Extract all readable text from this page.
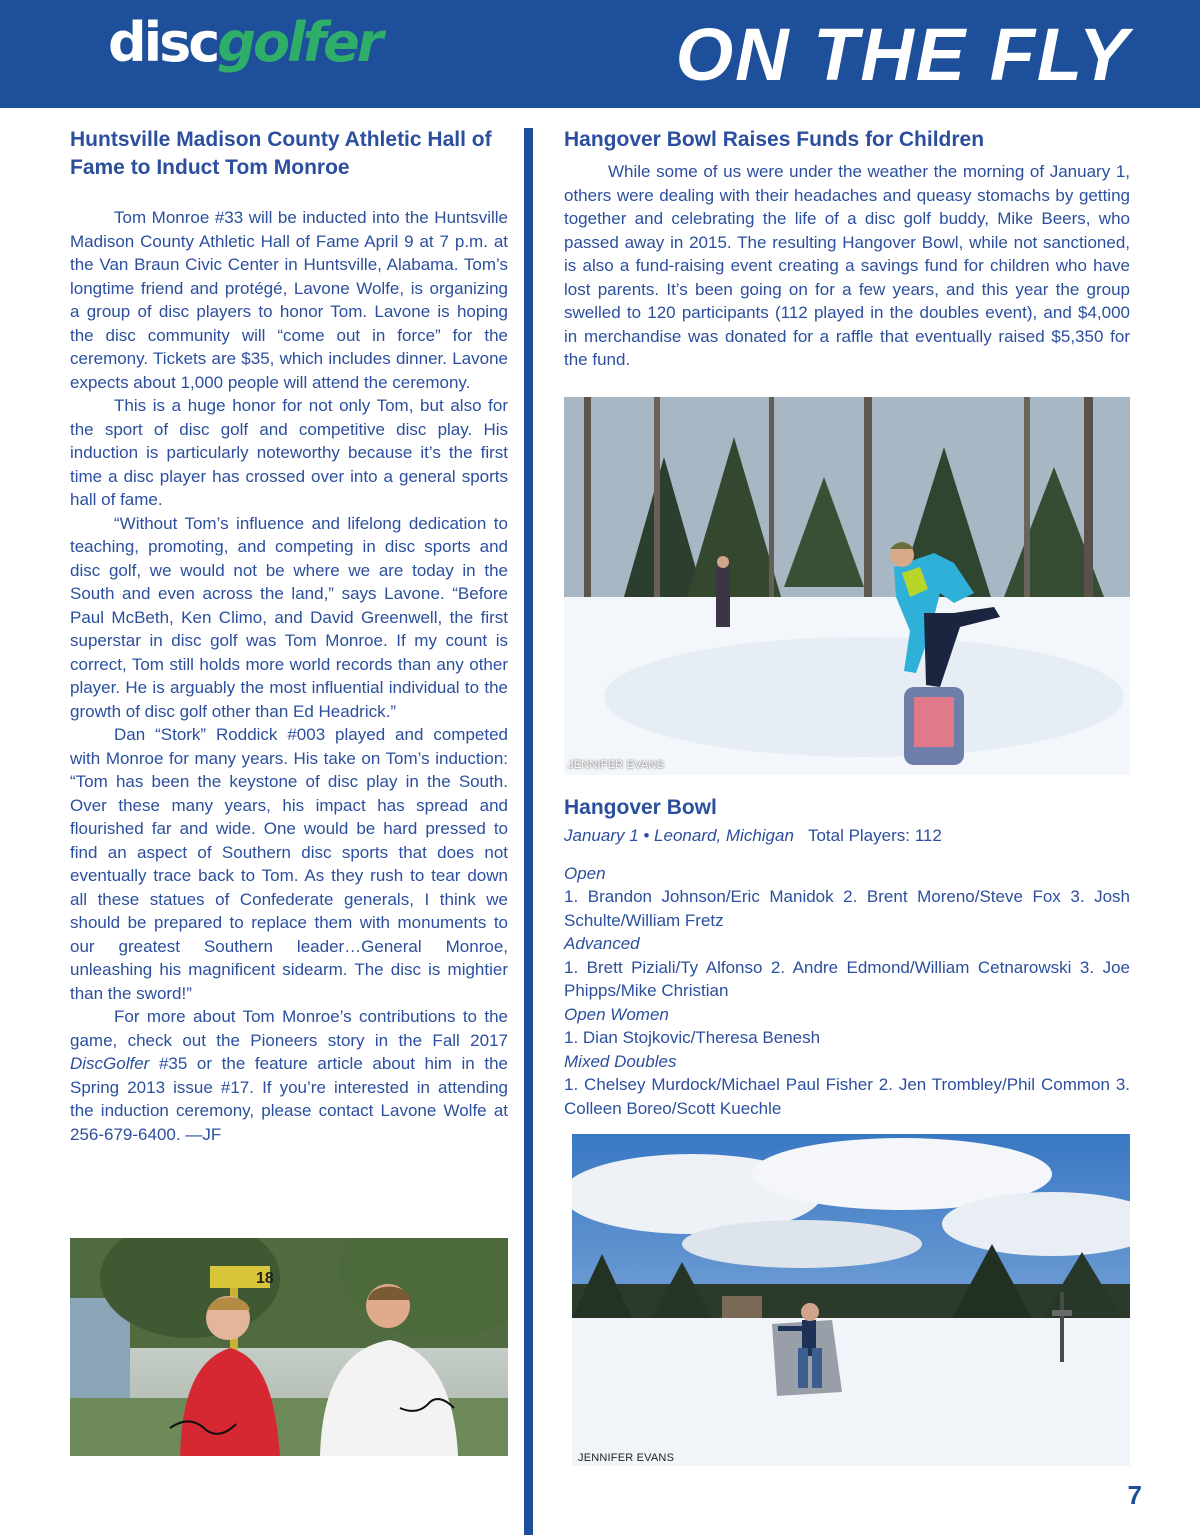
discgolfer	ON THE FLY
Huntsville Madison County Athletic Hall of Fame to Induct Tom Monroe

Tom Monroe #33 will be inducted into the Huntsville Madison County Athletic Hall of Fame April 9 at 7 p.m. at the Van Braun Civic Center in Huntsville, Alabama. Tom’s longtime friend and protégé, Lavone Wolfe, is organizing a group of disc players to honor Tom. Lavone is hoping the disc community will “come out in force” for the ceremony. Tickets are $35, which includes dinner. Lavone expects about 1,000 people will attend the ceremony.

This is a huge honor for not only Tom, but also for the sport of disc golf and competitive disc play. His induction is particularly noteworthy because it’s the first time a disc player has crossed over into a general sports hall of fame.

“Without Tom’s influence and lifelong dedication to teaching, promoting, and competing in disc sports and disc golf, we would not be where we are today in the South and even across the land,” says Lavone. “Before Paul McBeth, Ken Climo, and David Greenwell, the first superstar in disc golf was Tom Monroe. If my count is correct, Tom still holds more world records than any other player. He is arguably the most influential individual to the growth of disc golf other than Ed Headrick.”

Dan “Stork” Roddick #003 played and competed with Monroe for many years. His take on Tom’s induction: “Tom has been the keystone of disc play in the South. Over these many years, his impact has spread and flourished far and wide. One would be hard pressed to find an aspect of Southern disc sports that does not eventually trace back to Tom. As they rush to tear down all these statues of Confederate generals, I think we should be prepared to replace them with monuments to our greatest Southern leader…General Monroe, unleashing his magnificent sidearm. The disc is mightier than the sword!”

For more about Tom Monroe’s contributions to the game, check out the Pioneers story in the Fall 2017 DiscGolfer #35 or the feature article about him in the Spring 2013 issue #17. If you’re interested in attending the induction ceremony, please contact Lavone Wolfe at 256-679-6400. —JF

18
Hangover Bowl Raises Funds for Children

While some of us were under the weather the morning of January 1, others were dealing with their headaches and queasy stomachs by getting together and celebrating the life of a disc golf buddy, Mike Beers, who passed away in 2015. The resulting Hangover Bowl, while not sanctioned, is also a fund-raising event creating a savings fund for children who have lost parents. It’s been going on for a few years, and this year the group swelled to 120 participants (112 played in the doubles event), and $4,000 in merchandise was donated for a raffle that eventually raised $5,350 for the fund.

JENNIFER EVANS
Hangover Bowl
January 1 • Leonard, Michigan Total Players: 112
Open
1. Brandon Johnson/Eric Manidok 2. Brent Moreno/Steve Fox 3. Josh Schulte/William Fretz
Advanced
1. Brett Piziali/Ty Alfonso 2. Andre Edmond/William Cetnarowski 3. Joe Phipps/Mike Christian
Open Women
1. Dian Stojkovic/Theresa Benesh
Mixed Doubles
1. Chelsey Murdock/Michael Paul Fisher 2. Jen Trombley/Phil Common 3. Colleen Boreo/Scott Kuechle
JENNIFER EVANS
7
